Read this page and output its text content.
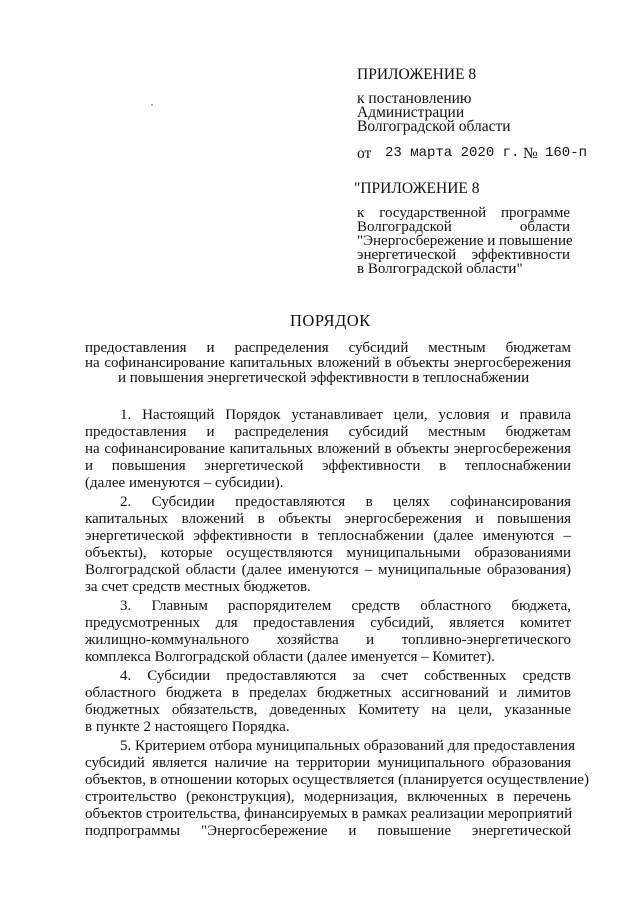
ПРИЛОЖЕНИЕ 8
к постановлению
Администрации
Волгоградской области
от 23 марта 2020 г. № 160-п
"ПРИЛОЖЕНИЕ 8
к государственной программе
Волгоградской области
"Энергосбережение и повышение
энергетической эффективности
в Волгоградской области"
ПОРЯДОК
предоставления и распределения субсидий местным бюджетам
на софинансирование капитальных вложений в объекты энергосбережения
и повышения энергетической эффективности в теплоснабжении
1. Настоящий Порядок устанавливает цели, условия и правила
предоставления и распределения субсидий местным бюджетам
на софинансирование капитальных вложений в объекты энергосбережения
и повышения энергетической эффективности в теплоснабжении
(далее именуются – субсидии).
2. Субсидии предоставляются в целях софинансирования
капитальных вложений в объекты энергосбережения и повышения
энергетической эффективности в теплоснабжении (далее именуются –
объекты), которые осуществляются муниципальными образованиями
Волгоградской области (далее именуются – муниципальные образования)
за счет средств местных бюджетов.
3. Главным распорядителем средств областного бюджета,
предусмотренных для предоставления субсидий, является комитет
жилищно-коммунального хозяйства и топливно-энергетического
комплекса Волгоградской области (далее именуется – Комитет).
4. Субсидии предоставляются за счет собственных средств
областного бюджета в пределах бюджетных ассигнований и лимитов
бюджетных обязательств, доведенных Комитету на цели, указанные
в пункте 2 настоящего Порядка.
5. Критерием отбора муниципальных образований для предоставления
субсидий является наличие на территории муниципального образования
объектов, в отношении которых осуществляется (планируется осуществление)
строительство (реконструкция), модернизация, включенных в перечень
объектов строительства, финансируемых в рамках реализации мероприятий
подпрограммы "Энергосбережение и повышение энергетической
